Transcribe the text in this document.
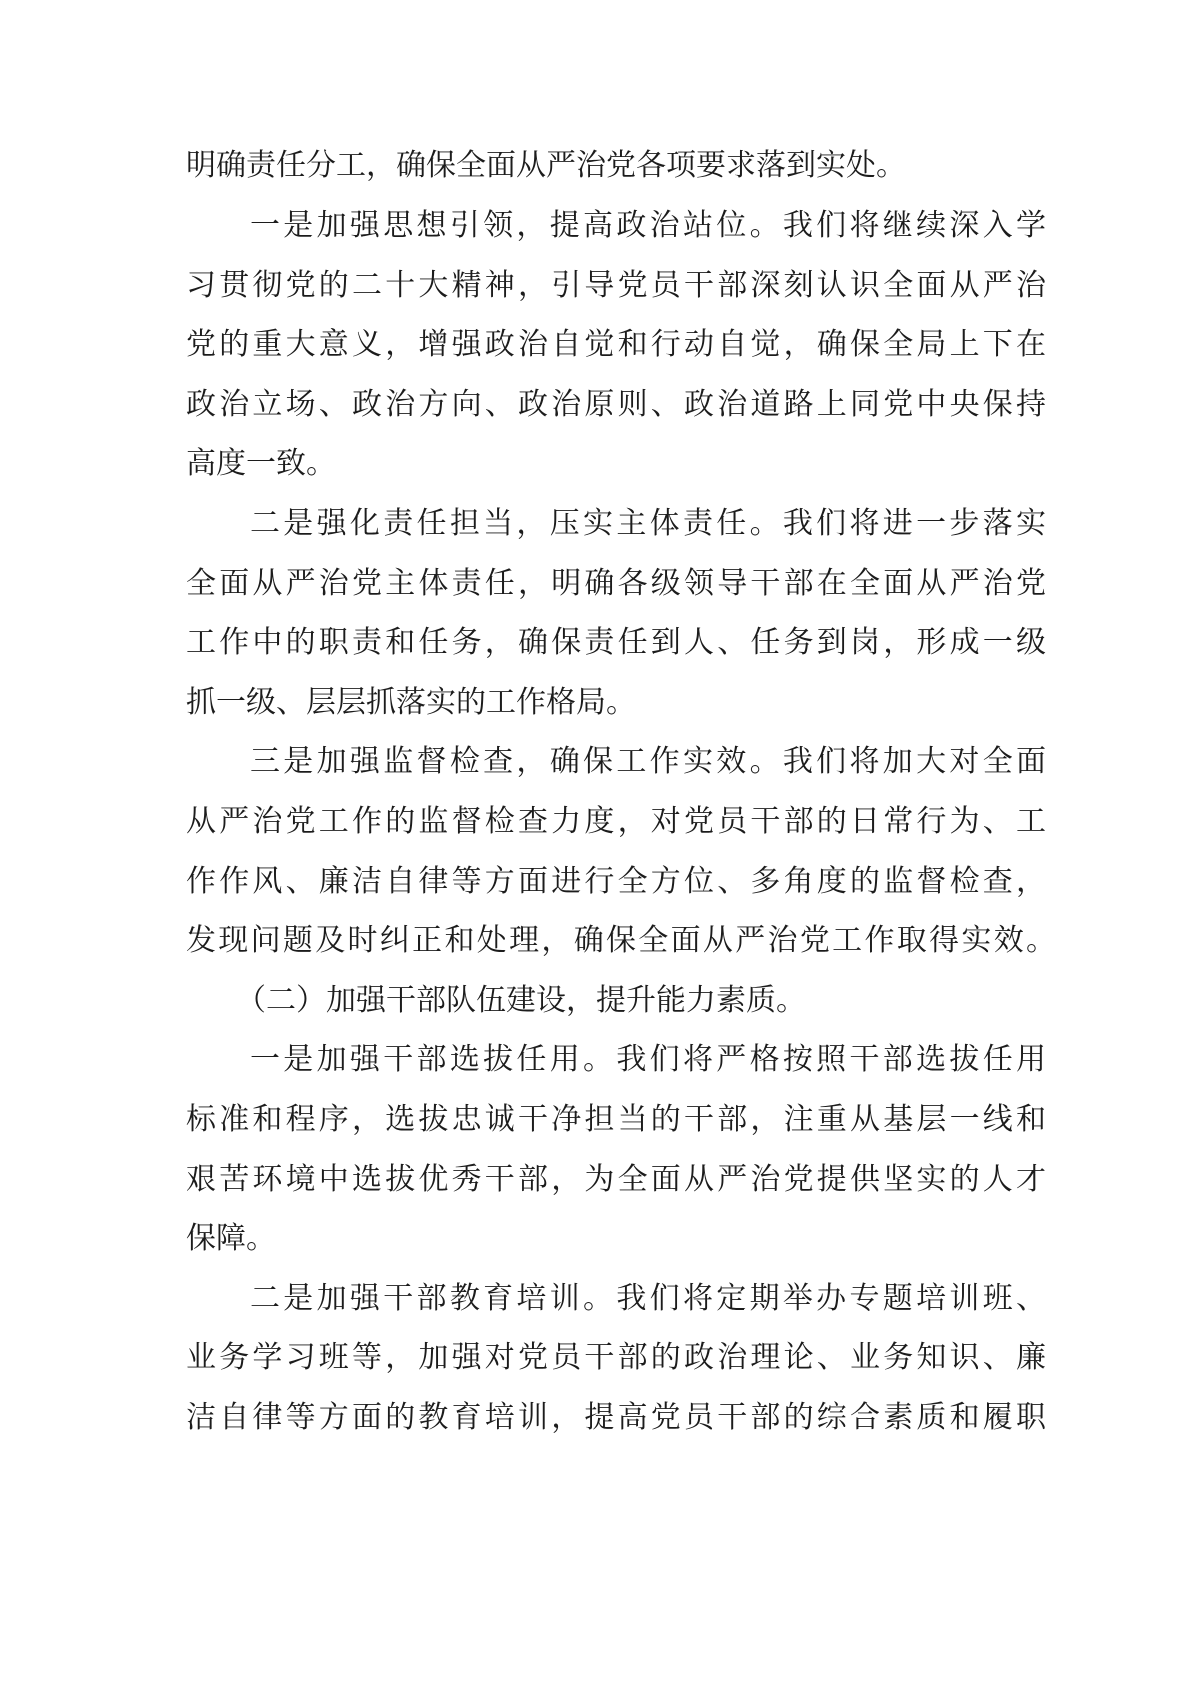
明确责任分工，确保全面从严治党各项要求落到实处。
一是加强思想引领，提高政治站位。我们将继续深入学
习贯彻党的二十大精神，引导党员干部深刻认识全面从严治
党的重大意义，增强政治自觉和行动自觉，确保全局上下在
政治立场、政治方向、政治原则、政治道路上同党中央保持
高度一致。
二是强化责任担当，压实主体责任。我们将进一步落实
全面从严治党主体责任，明确各级领导干部在全面从严治党
工作中的职责和任务，确保责任到人、任务到岗，形成一级
抓一级、层层抓落实的工作格局。
三是加强监督检查，确保工作实效。我们将加大对全面
从严治党工作的监督检查力度，对党员干部的日常行为、工
作作风、廉洁自律等方面进行全方位、多角度的监督检查，
发现问题及时纠正和处理，确保全面从严治党工作取得实效。
（二）加强干部队伍建设，提升能力素质。
一是加强干部选拔任用。我们将严格按照干部选拔任用
标准和程序，选拔忠诚干净担当的干部，注重从基层一线和
艰苦环境中选拔优秀干部，为全面从严治党提供坚实的人才
保障。
二是加强干部教育培训。我们将定期举办专题培训班、
业务学习班等，加强对党员干部的政治理论、业务知识、廉
洁自律等方面的教育培训，提高党员干部的综合素质和履职
